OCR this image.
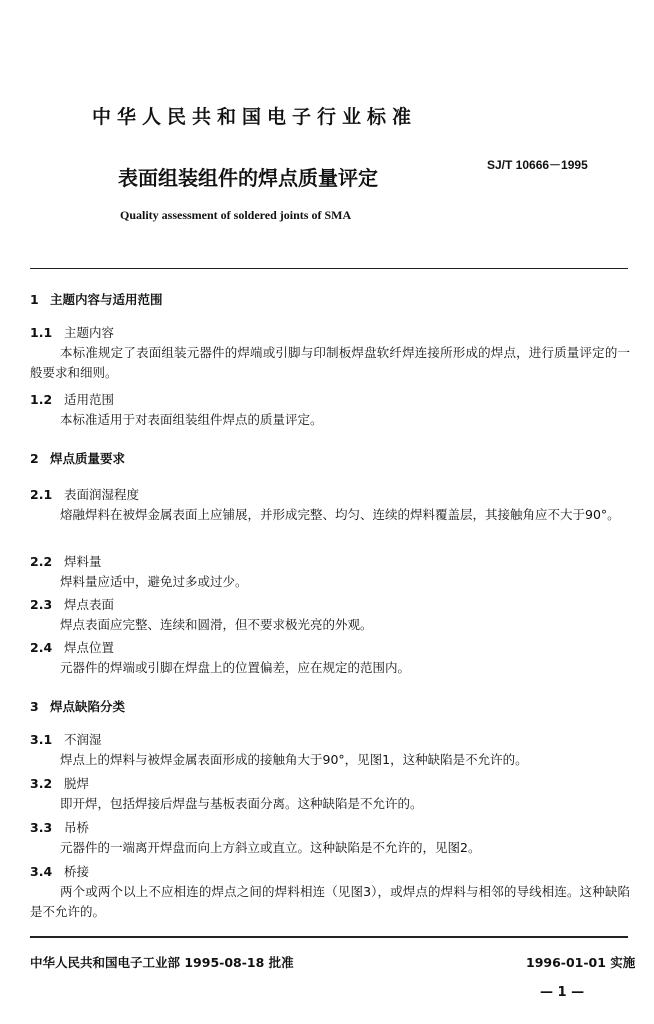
中华人民共和国电子行业标准
SJ/T 10666－1995
表面组装组件的焊点质量评定
Quality assessment of soldered joints of SMA
1 主题内容与适用范围
1.1 主题内容
本标准规定了表面组装元器件的焊端或引脚与印制板焊盘软纤焊连接所形成的焊点，进行质量评定的一般要求和细则。
1.2 适用范围
本标准适用于对表面组装组件焊点的质量评定。
2 焊点质量要求
2.1 表面润湿程度
熔融焊料在被焊金属表面上应铺展，并形成完整、均匀、连续的焊料覆盖层，其接触角应不大于90°。
2.2 焊料量
焊料量应适中，避免过多或过少。
2.3 焊点表面
焊点表面应完整、连续和圆滑，但不要求极光亮的外观。
2.4 焊点位置
元器件的焊端或引脚在焊盘上的位置偏差，应在规定的范围内。
3 焊点缺陷分类
3.1 不润湿
焊点上的焊料与被焊金属表面形成的接触角大于90°，见图1，这种缺陷是不允许的。
3.2 脱焊
即开焊，包括焊接后焊盘与基板表面分离。这种缺陷是不允许的。
3.3 吊桥
元器件的一端离开焊盘而向上方斜立或直立。这种缺陷是不允许的，见图2。
3.4 桥接
两个或两个以上不应相连的焊点之间的焊料相连（见图3），或焊点的焊料与相邻的导线相连。这种缺陷是不允许的。
中华人民共和国电子工业部 1995-08-18 批准	1996-01-01 实施
— 1 —
